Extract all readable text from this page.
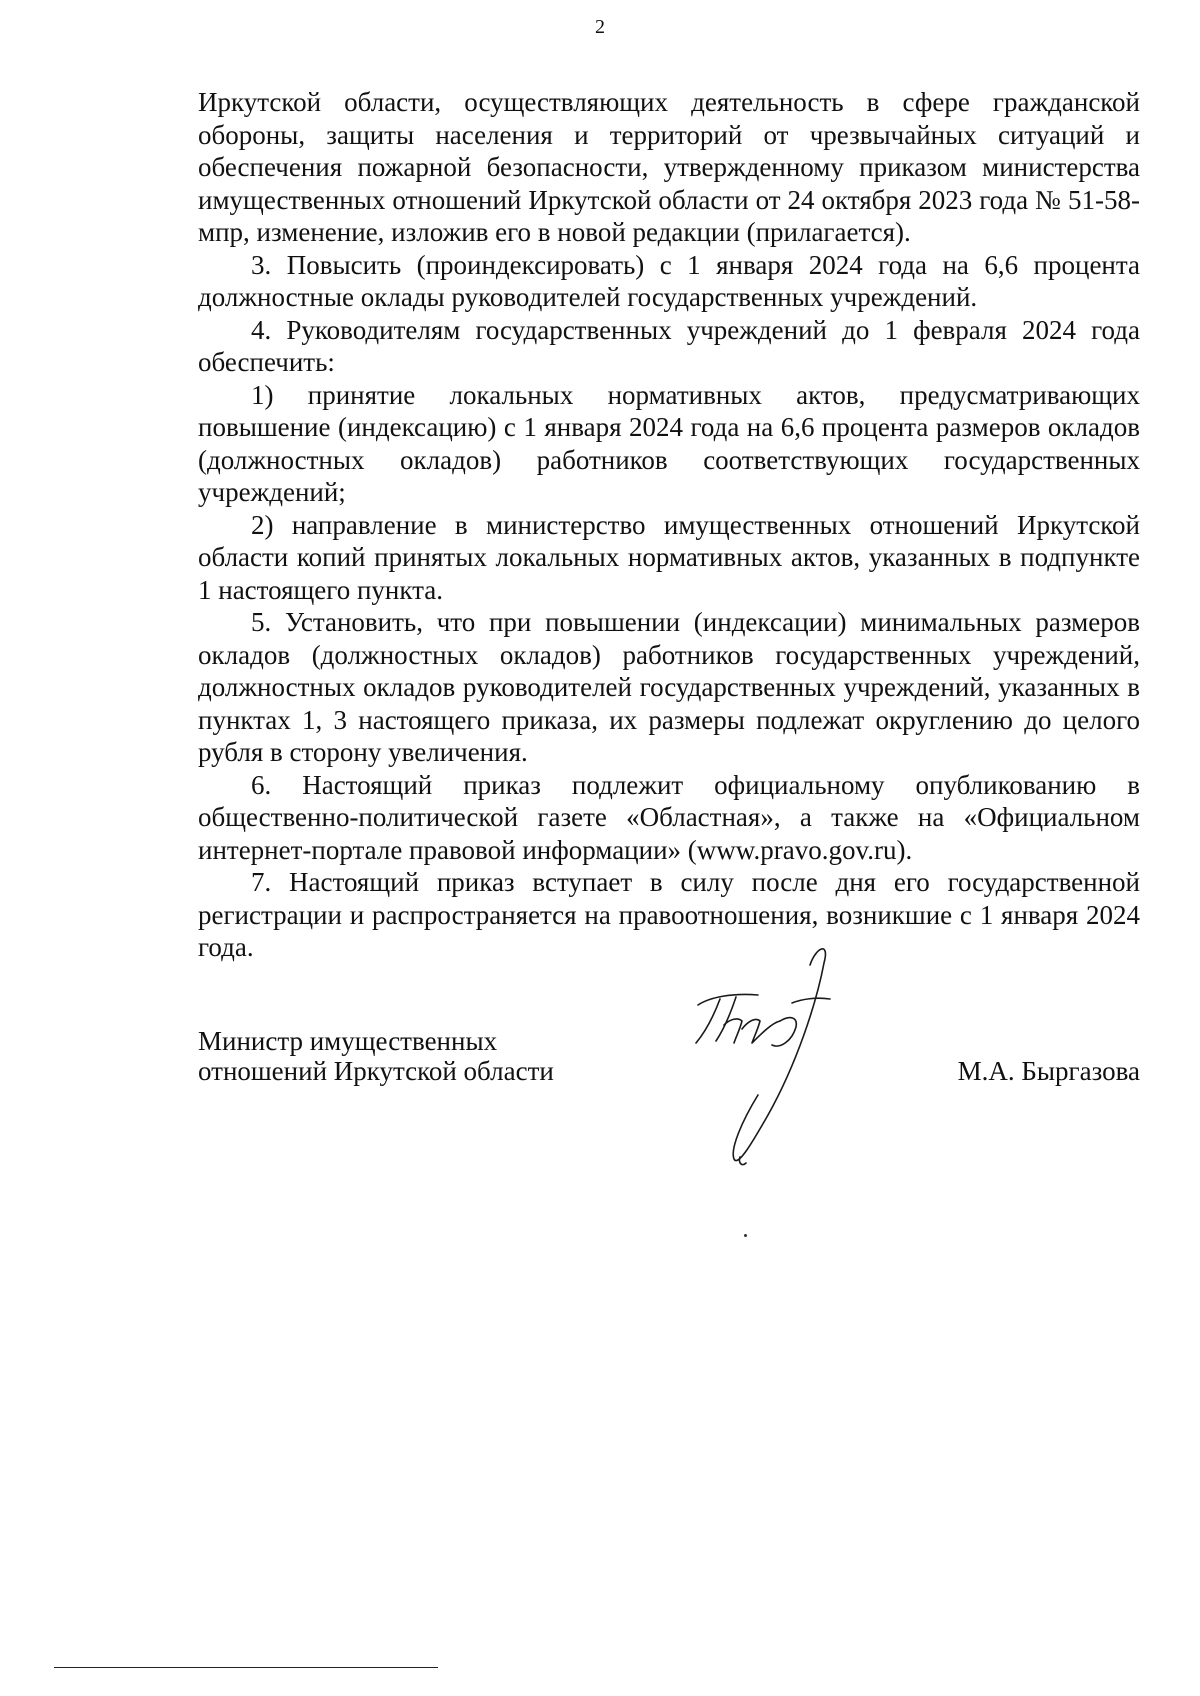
2

Иркутской области, осуществляющих деятельность в сфере гражданской обороны, защиты населения и территорий от чрезвычайных ситуаций и обеспечения пожарной безопасности, утвержденному приказом министерства имущественных отношений Иркутской области от 24 октября 2023 года № 51-58-мпр, изменение, изложив его в новой редакции (прилагается).

3. Повысить (проиндексировать) с 1 января 2024 года на 6,6 процента должностные оклады руководителей государственных учреждений.

4. Руководителям государственных учреждений до 1 февраля 2024 года обеспечить:

1) принятие локальных нормативных актов, предусматривающих повышение (индексацию) с 1 января 2024 года на 6,6 процента размеров окладов (должностных окладов) работников соответствующих государственных учреждений;

2) направление в министерство имущественных отношений Иркутской области копий принятых локальных нормативных актов, указанных в подпункте 1 настоящего пункта.

5. Установить, что при повышении (индексации) минимальных размеров окладов (должностных окладов) работников государственных учреждений, должностных окладов руководителей государственных учреждений, указанных в пунктах 1, 3 настоящего приказа, их размеры подлежат округлению до целого рубля в сторону увеличения.

6. Настоящий приказ подлежит официальному опубликованию в общественно-политической газете «Областная», а также на «Официальном интернет-портале правовой информации» (www.pravo.gov.ru).

7. Настоящий приказ вступает в силу после дня его государственной регистрации и распространяется на правоотношения, возникшие с 1 января 2024 года.

Министр имущественных
отношений Иркутской области	М.А. Быргазова
